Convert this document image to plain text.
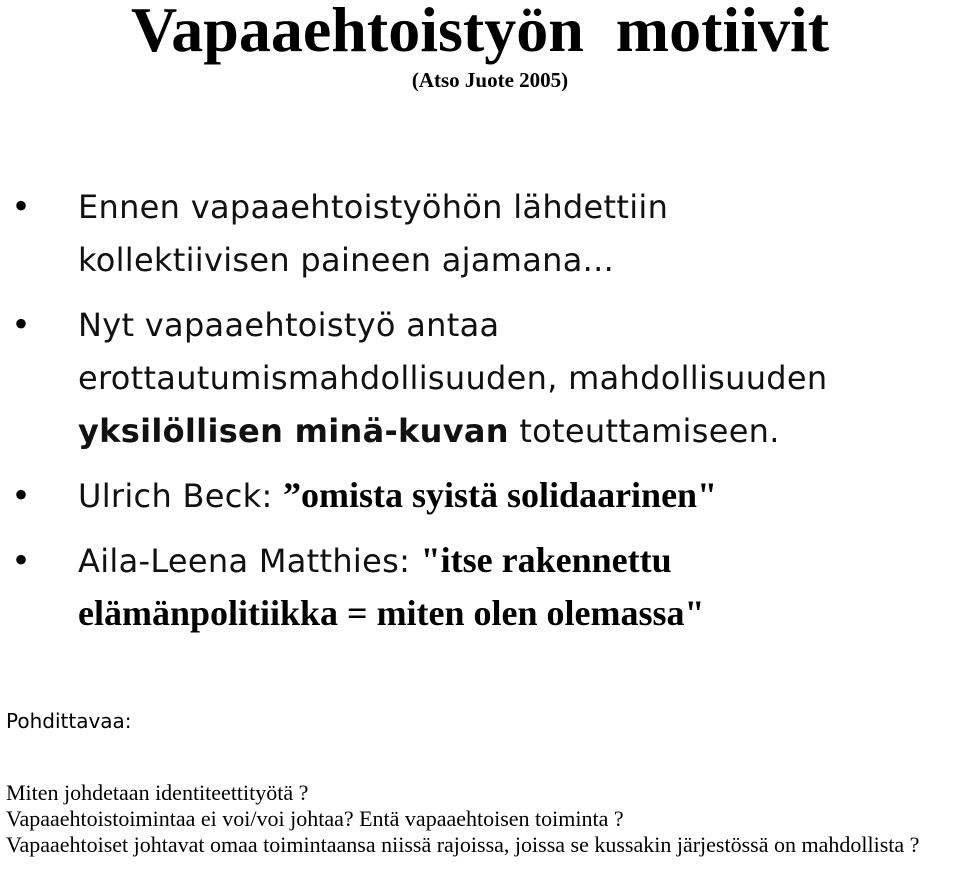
Vapaaehtoistyön  motiivit

(Atso Juote 2005)

• Ennen vapaaehtoistyöhön lähdettiin
kollektiivisen paineen ajamana...
• Nyt vapaaehtoistyö antaa
erottautumismahdollisuuden, mahdollisuuden
yksilöllisen minä-kuvan toteuttamiseen.
• Ulrich Beck: ”omista syistä solidaarinen"
• Aila-Leena Matthies: "itse rakennettu
elämänpolitiikka = miten olen olemassa"

Pohdittavaa:

Miten johdetaan identiteettityötä ?

Vapaaehtoistoimintaa ei voi/voi johtaa? Entä vapaaehtoisen toiminta ?

Vapaaehtoiset johtavat omaa toimintaansa niissä rajoissa, joissa se kussakin järjestössä on mahdollista ?
